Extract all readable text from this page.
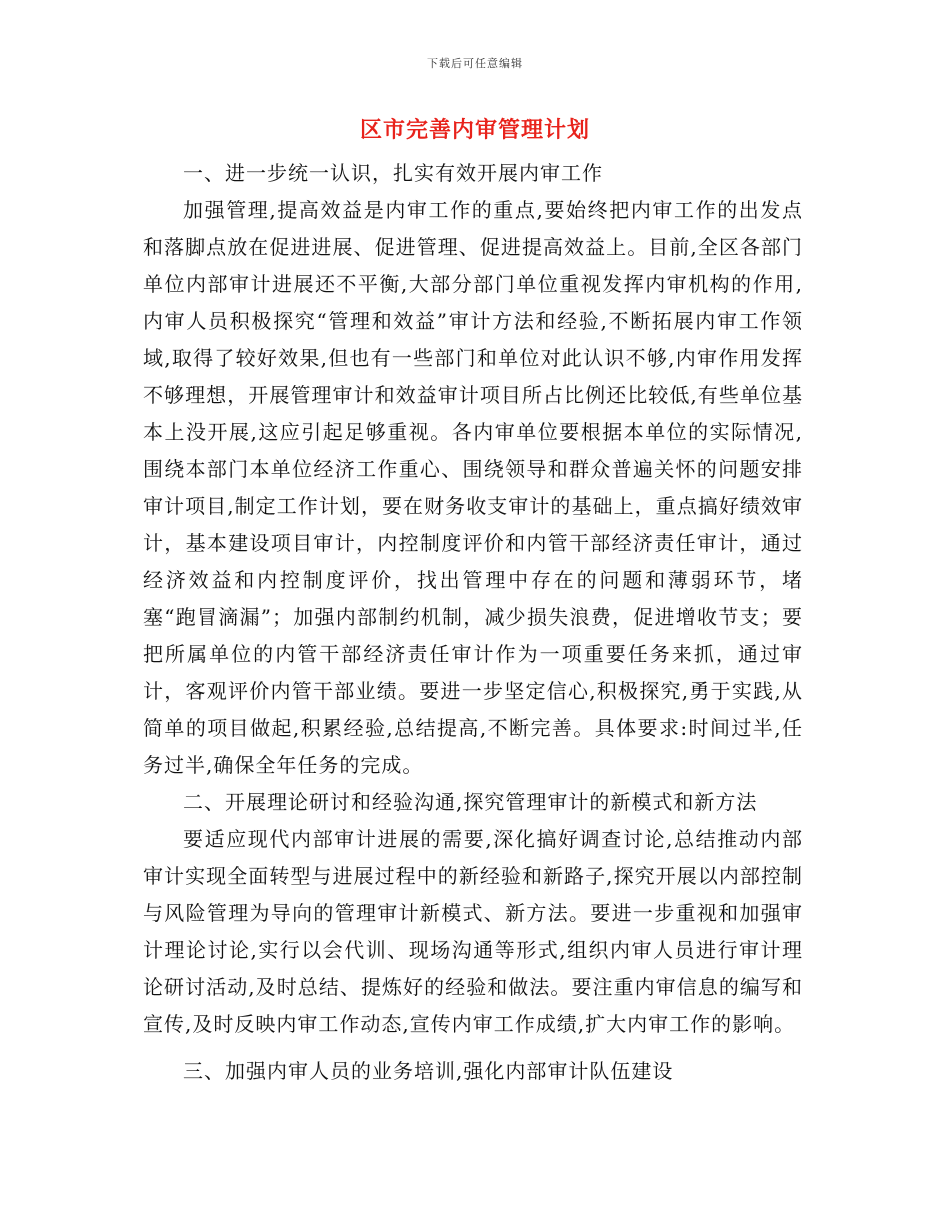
下载后可任意编辑
区市完善内审管理计划

一、进一步统一认识，扎实有效开展内审工作

加强管理,提高效益是内审工作的重点,要始终把内审工作的出发点和落脚点放在促进进展、促进管理、促进提高效益上。目前,全区各部门单位内部审计进展还不平衡,大部分部门单位重视发挥内审机构的作用,内审人员积极探究“管理和效益”审计方法和经验,不断拓展内审工作领域,取得了较好效果,但也有一些部门和单位对此认识不够,内审作用发挥不够理想，开展管理审计和效益审计项目所占比例还比较低,有些单位基本上没开展,这应引起足够重视。各内审单位要根据本单位的实际情况,围绕本部门本单位经济工作重心、围绕领导和群众普遍关怀的问题安排审计项目,制定工作计划，要在财务收支审计的基础上，重点搞好绩效审计，基本建设项目审计，内控制度评价和内管干部经济责任审计，通过经济效益和内控制度评价，找出管理中存在的问题和薄弱环节，堵塞“跑冒滴漏”；加强内部制约机制，减少损失浪费，促进增收节支；要把所属单位的内管干部经济责任审计作为一项重要任务来抓，通过审计，客观评价内管干部业绩。要进一步坚定信心,积极探究,勇于实践,从简单的项目做起,积累经验,总结提高,不断完善。具体要求:时间过半,任务过半,确保全年任务的完成。

二、开展理论研讨和经验沟通,探究管理审计的新模式和新方法

要适应现代内部审计进展的需要,深化搞好调查讨论,总结推动内部审计实现全面转型与进展过程中的新经验和新路子,探究开展以内部控制与风险管理为导向的管理审计新模式、新方法。要进一步重视和加强审计理论讨论,实行以会代训、现场沟通等形式,组织内审人员进行审计理论研讨活动,及时总结、提炼好的经验和做法。要注重内审信息的编写和宣传,及时反映内审工作动态,宣传内审工作成绩,扩大内审工作的影响。

三、加强内审人员的业务培训,强化内部审计队伍建设
